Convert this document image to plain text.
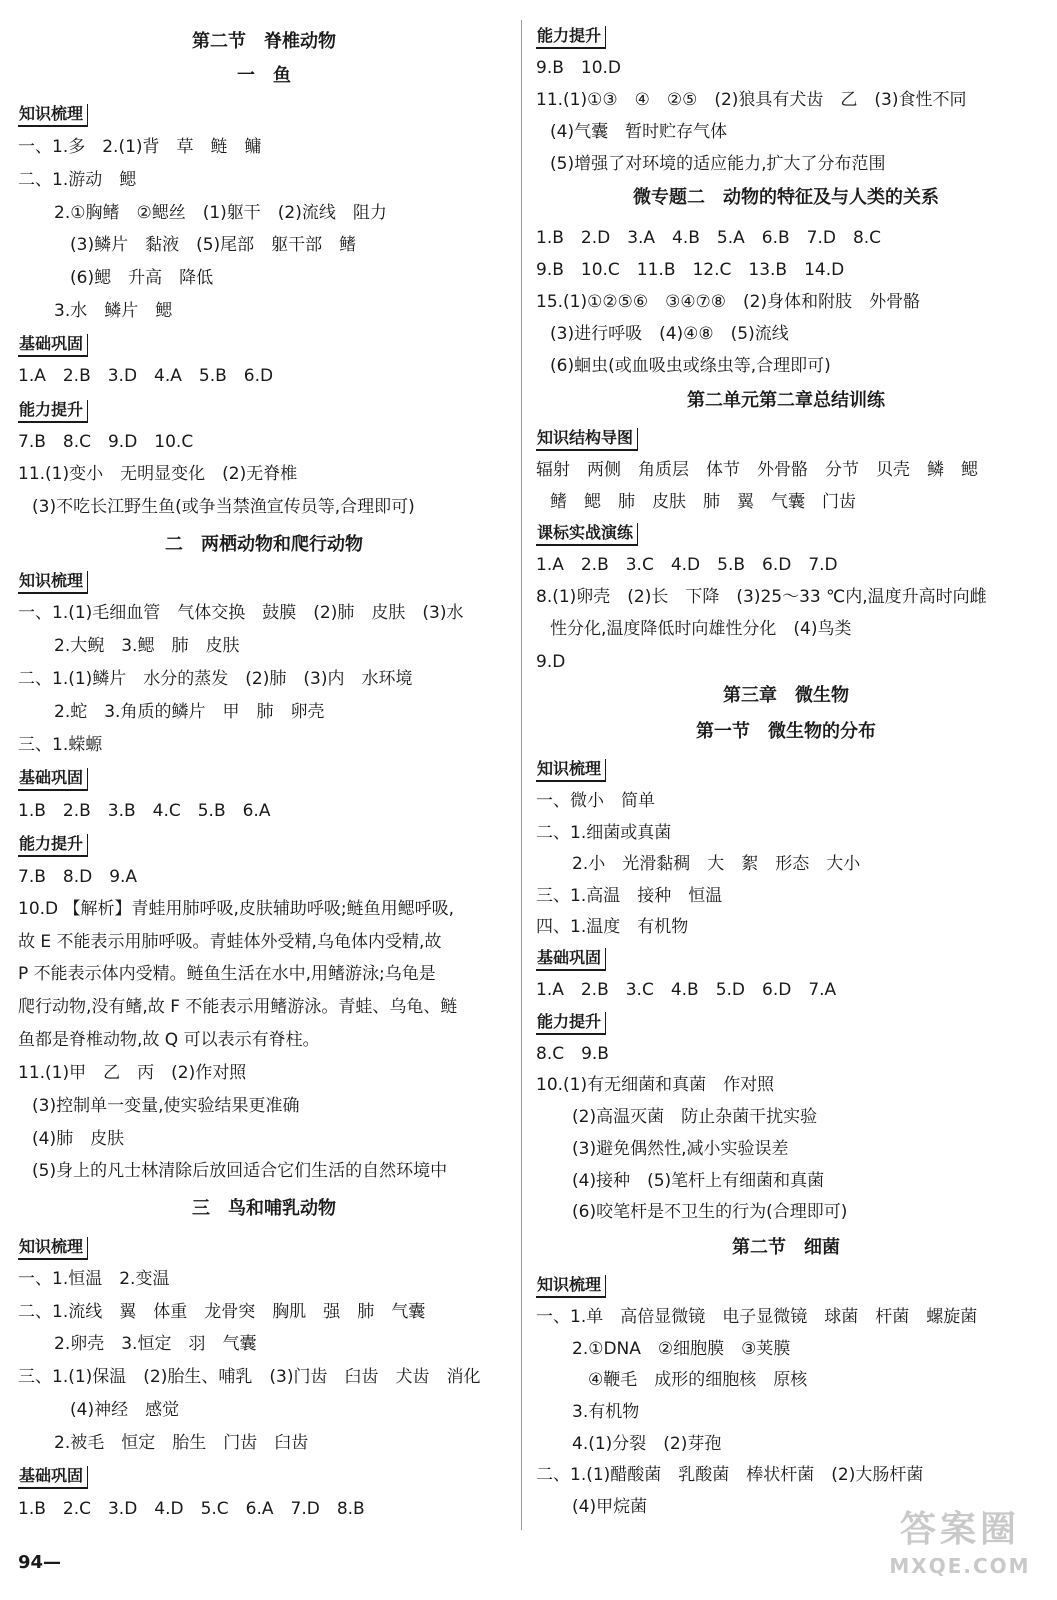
第二节　脊椎动物
一　鱼
知识梳理
一、1.多　2.(1)背　草　鲢　鳙
二、1.游动　鳃
2.①胸鳍　②鳃丝　(1)躯干　(2)流线　阻力
(3)鳞片　黏液　(5)尾部　躯干部　鳍
(6)鳃　升高　降低
3.水　鳞片　鳃
基础巩固
1.A　2.B　3.D　4.A　5.B　6.D
能力提升
7.B　8.C　9.D　10.C
11.(1)变小　无明显变化　(2)无脊椎
(3)不吃长江野生鱼(或争当禁渔宣传员等,合理即可)
二　两栖动物和爬行动物
知识梳理
一、1.(1)毛细血管　气体交换　鼓膜　(2)肺　皮肤　(3)水
2.大鲵　3.鳃　肺　皮肤
二、1.(1)鳞片　水分的蒸发　(2)肺　(3)内　水环境
2.蛇　3.角质的鳞片　甲　肺　卵壳
三、1.蝾螈
基础巩固
1.B　2.B　3.B　4.C　5.B　6.A
能力提升
7.B　8.D　9.A
10.D 【解析】青蛙用肺呼吸,皮肤辅助呼吸;鲢鱼用鳃呼吸,
故 E 不能表示用肺呼吸。青蛙体外受精,乌龟体内受精,故
P 不能表示体内受精。鲢鱼生活在水中,用鳍游泳;乌龟是
爬行动物,没有鳍,故 F 不能表示用鳍游泳。青蛙、乌龟、鲢
鱼都是脊椎动物,故 Q 可以表示有脊柱。
11.(1)甲　乙　丙　(2)作对照
(3)控制单一变量,使实验结果更准确
(4)肺　皮肤
(5)身上的凡士林清除后放回适合它们生活的自然环境中
三　鸟和哺乳动物
知识梳理
一、1.恒温　2.变温
二、1.流线　翼　体重　龙骨突　胸肌　强　肺　气囊
2.卵壳　3.恒定　羽　气囊
三、1.(1)保温　(2)胎生、哺乳　(3)门齿　臼齿　犬齿　消化
(4)神经　感觉
2.被毛　恒定　胎生　门齿　臼齿
基础巩固
1.B　2.C　3.D　4.D　5.C　6.A　7.D　8.B
94—
能力提升
9.B　10.D
11.(1)①③　④　②⑤　(2)狼具有犬齿　乙　(3)食性不同
(4)气囊　暂时贮存气体
(5)增强了对环境的适应能力,扩大了分布范围
微专题二　动物的特征及与人类的关系
1.B　2.D　3.A　4.B　5.A　6.B　7.D　8.C
9.B　10.C　11.B　12.C　13.B　14.D
15.(1)①②⑤⑥　③④⑦⑧　(2)身体和附肢　外骨骼
(3)进行呼吸　(4)④⑧　(5)流线
(6)蛔虫(或血吸虫或绦虫等,合理即可)
第二单元第二章总结训练
知识结构导图
辐射　两侧　角质层　体节　外骨骼　分节　贝壳　鳞　鳃
鳍　鳃　肺　皮肤　肺　翼　气囊　门齿
课标实战演练
1.A　2.B　3.C　4.D　5.B　6.D　7.D
8.(1)卵壳　(2)长　下降　(3)25～33 ℃内,温度升高时向雌
性分化,温度降低时向雄性分化　(4)鸟类
9.D
第三章　微生物
第一节　微生物的分布
知识梳理
一、微小　简单
二、1.细菌或真菌
2.小　光滑黏稠　大　絮　形态　大小
三、1.高温　接种　恒温
四、1.温度　有机物
基础巩固
1.A　2.B　3.C　4.B　5.D　6.D　7.A
能力提升
8.C　9.B
10.(1)有无细菌和真菌　作对照
(2)高温灭菌　防止杂菌干扰实验
(3)避免偶然性,减小实验误差
(4)接种　(5)笔杆上有细菌和真菌
(6)咬笔杆是不卫生的行为(合理即可)
第二节　细菌
知识梳理
一、1.单　高倍显微镜　电子显微镜　球菌　杆菌　螺旋菌
2.①DNA　②细胞膜　③荚膜
④鞭毛　成形的细胞核　原核
3.有机物
4.(1)分裂　(2)芽孢
二、1.(1)醋酸菌　乳酸菌　棒状杆菌　(2)大肠杆菌
(4)甲烷菌
答案圈
MXQE.COM
